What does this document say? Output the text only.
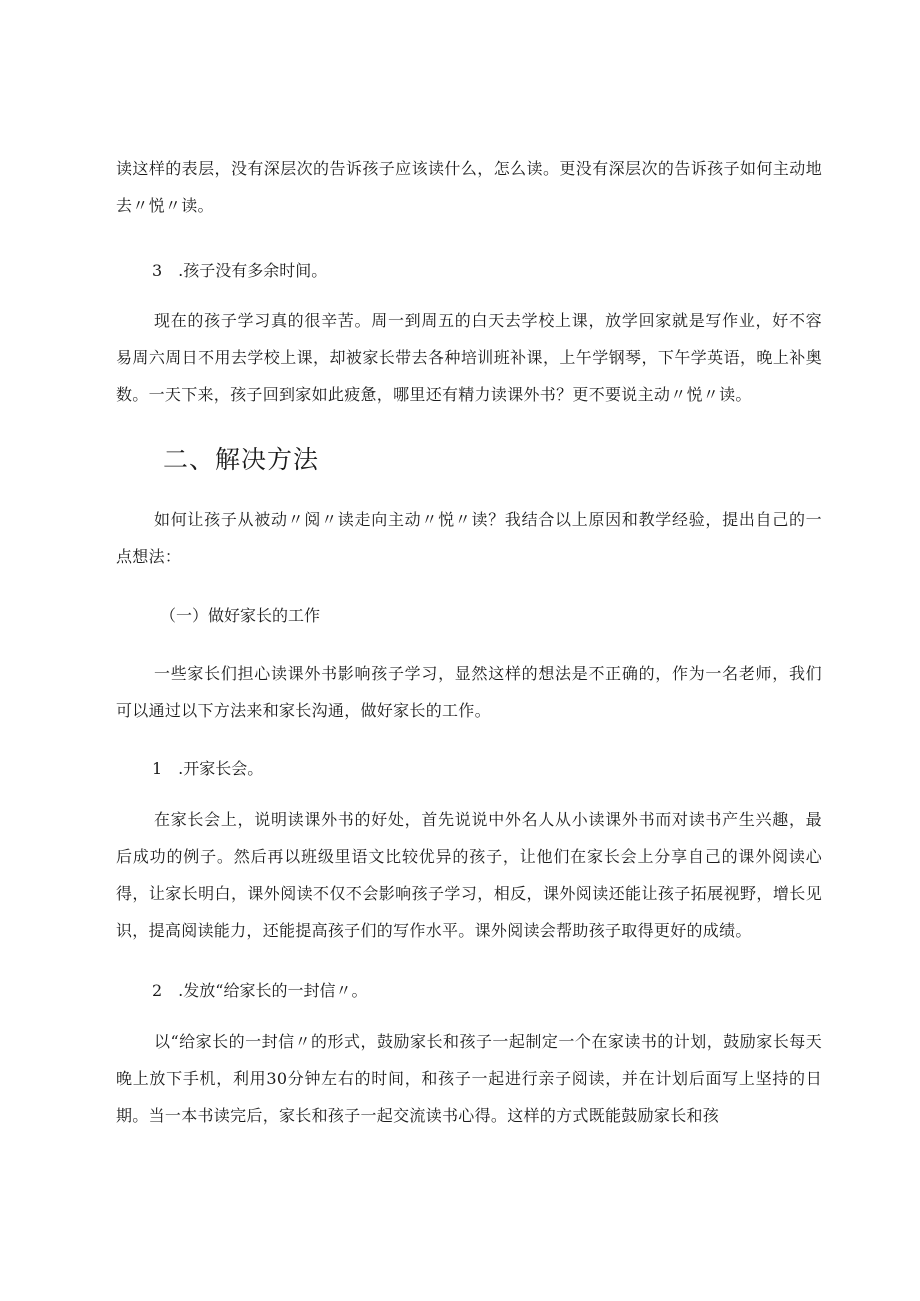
读这样的表层，没有深层次的告诉孩子应该读什么，怎么读。更没有深层次的告诉孩子如何主动地去〃悦〃读。

3　.孩子没有多余时间。

现在的孩子学习真的很辛苦。周一到周五的白天去学校上课，放学回家就是写作业，好不容易周六周日不用去学校上课，却被家长带去各种培训班补课，上午学钢琴，下午学英语，晚上补奥数。一天下来，孩子回到家如此疲惫，哪里还有精力读课外书？更不要说主动〃悦〃读。

二、解决方法

如何让孩子从被动〃阅〃读走向主动〃悦〃读？我结合以上原因和教学经验，提出自己的一点想法：

（一）做好家长的工作

一些家长们担心读课外书影响孩子学习，显然这样的想法是不正确的，作为一名老师，我们可以通过以下方法来和家长沟通，做好家长的工作。

1　.开家长会。

在家长会上，说明读课外书的好处，首先说说中外名人从小读课外书而对读书产生兴趣，最后成功的例子。然后再以班级里语文比较优异的孩子，让他们在家长会上分享自己的课外阅读心得，让家长明白，课外阅读不仅不会影响孩子学习，相反，课外阅读还能让孩子拓展视野，增长见识，提高阅读能力，还能提高孩子们的写作水平。课外阅读会帮助孩子取得更好的成绩。

2　.发放“给家长的一封信〃。

以“给家长的一封信〃的形式，鼓励家长和孩子一起制定一个在家读书的计划，鼓励家长每天晚上放下手机，利用30分钟左右的时间，和孩子一起进行亲子阅读，并在计划后面写上坚持的日期。当一本书读完后，家长和孩子一起交流读书心得。这样的方式既能鼓励家长和孩
